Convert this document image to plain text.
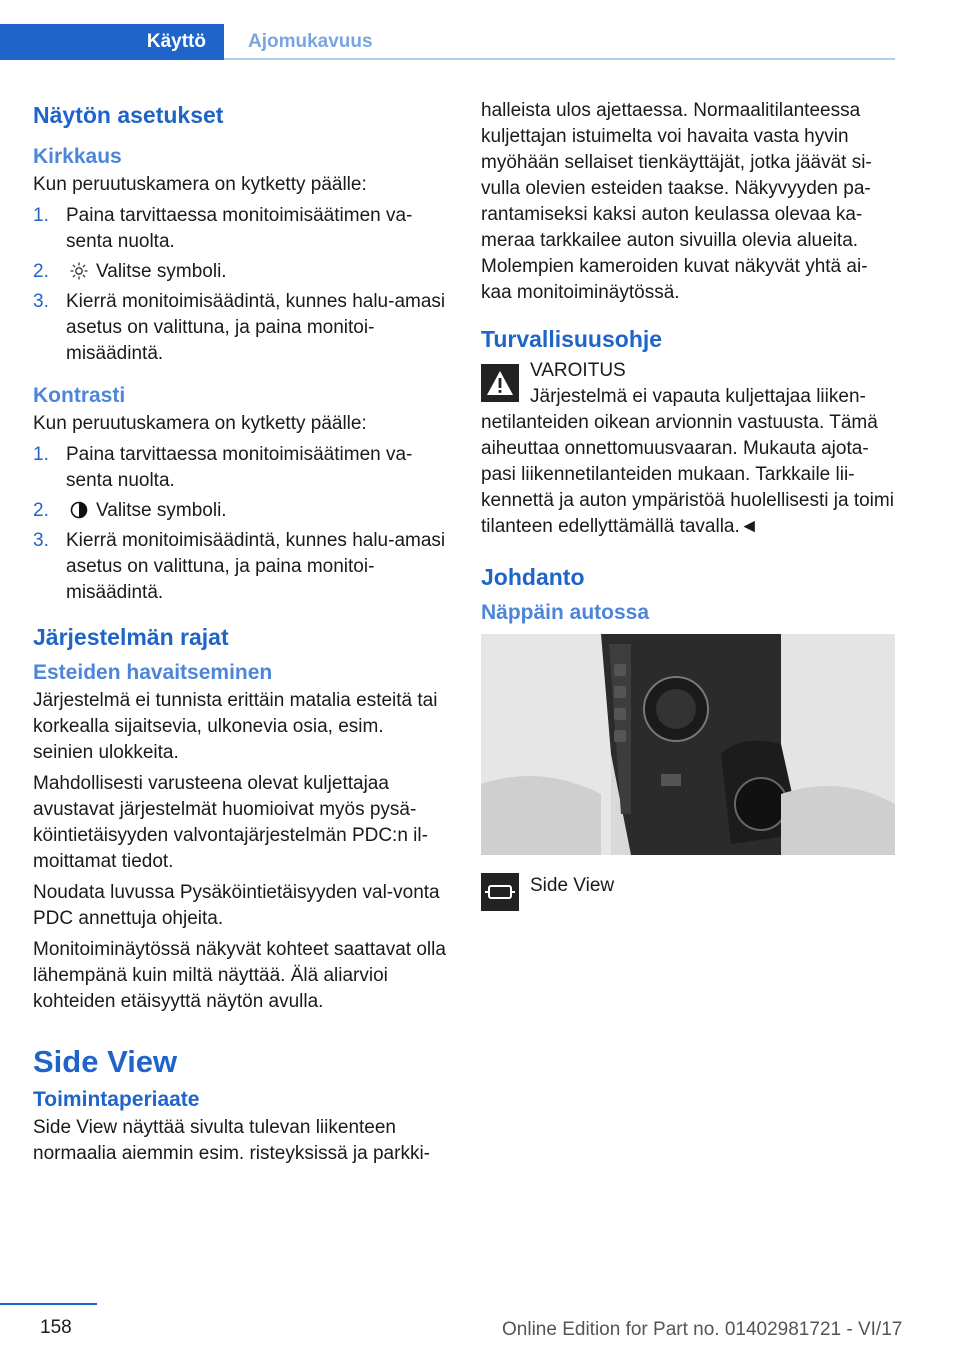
Käyttö	Ajomukavuus
Näytön asetukset
Kirkkaus

Kun peruutuskamera on kytketty päälle:

1. Paina tarvittaessa monitoimisäätimen va‐senta nuolta.
2. Valitse symboli.
3. Kierrä monitoimisäädintä, kunnes halu‐amasi asetus on valittuna, ja paina monitoi‐misäädintä.
Kontrasti

Kun peruutuskamera on kytketty päälle:

1. Paina tarvittaessa monitoimisäätimen va‐senta nuolta.
2. Valitse symboli.
3. Kierrä monitoimisäädintä, kunnes halu‐amasi asetus on valittuna, ja paina monitoi‐misäädintä.
Järjestelmän rajat
Esteiden havaitseminen

Järjestelmä ei tunnista erittäin matalia esteitä tai korkealla sijaitsevia, ulkonevia osia, esim. seinien ulokkeita.

Mahdollisesti varusteena olevat kuljettajaa avustavat järjestelmät huomioivat myös pysä‐köintietäisyyden valvontajärjestelmän PDC:n il‐moittamat tiedot.

Noudata luvussa Pysäköintietäisyyden val‐vonta PDC annettuja ohjeita.

Monitoiminäytössä näkyvät kohteet saattavat olla lähempänä kuin miltä näyttää. Älä aliarvioi kohteiden etäisyyttä näytön avulla.

Side View
Toimintaperiaate

Side View näyttää sivulta tulevan liikenteen normaalia aiemmin esim. risteyksissä ja parkki‐

halleista ulos ajettaessa. Normaalitilanteessa kuljettajan istuimelta voi havaita vasta hyvin myöhään sellaiset tienkäyttäjät, jotka jäävät si‐vulla olevien esteiden taakse. Näkyvyyden pa‐rantamiseksi kaksi auton keulassa olevaa ka‐meraa tarkkailee auton sivuilla olevia alueita. Molempien kameroiden kuvat näkyvät yhtä ai‐kaa monitoiminäytössä.

Turvallisuusohje
VAROITUS

Järjestelmä ei vapauta kuljettajaa liiken‐netilanteiden oikean arvionnin vastuusta. Tämä aiheuttaa onnettomuusvaaran. Mukauta ajota‐pasi liikennetilanteiden mukaan. Tarkkaile lii‐kennettä ja auton ympäristöä huolellisesti ja toimi tilanteen edellyttämällä tavalla.◄

Johdanto
Näppäin autossa
Side View
158	Online Edition for Part no. 01402981721 - VI/17
